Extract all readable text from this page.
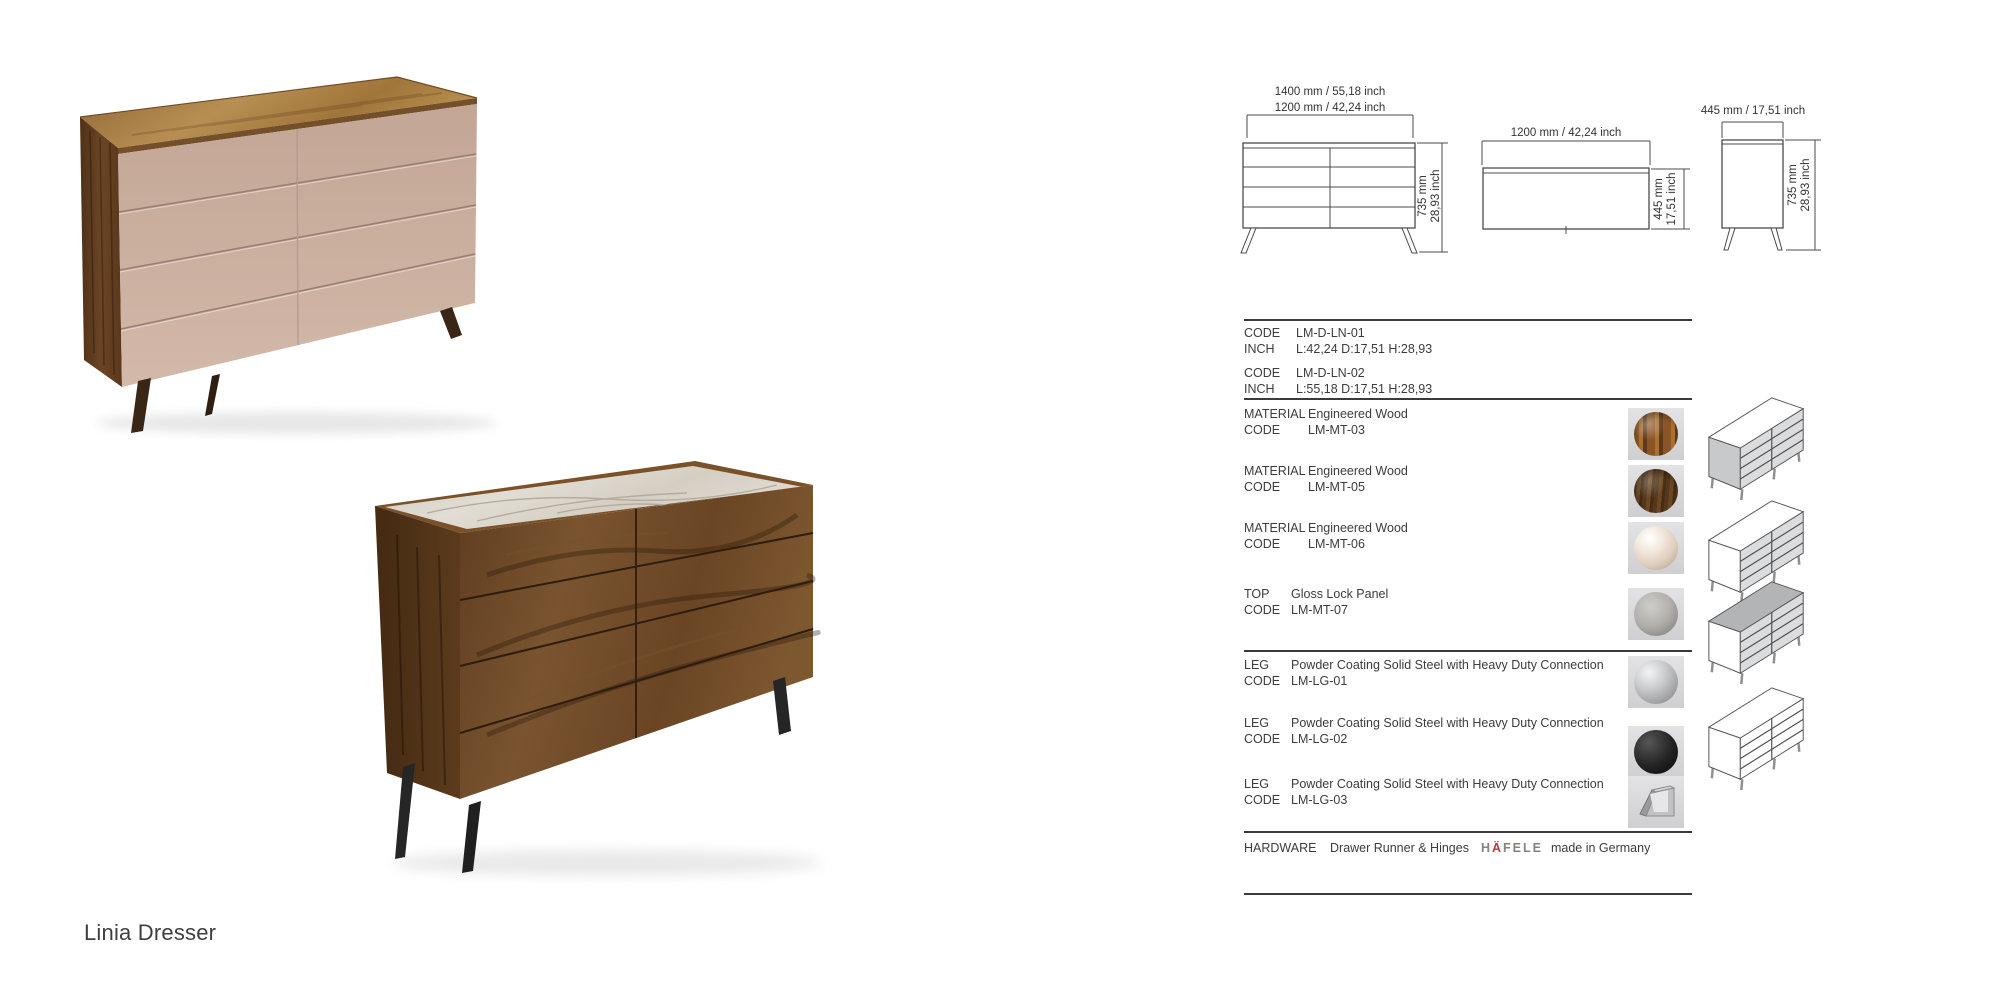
Linia Dresser
1400 mm / 55,18 inch
1200 mm / 42,24 inch
735 mm 28,93 inch
1200 mm / 42,24 inch
445 mm 17,51 inch
445 mm / 17,51 inch
735 mm 28,93 inch
CODE LM-D-LN-01
INCH L:42,24 D:17,51 H:28,93
CODE LM-D-LN-02
INCH L:55,18 D:17,51 H:28,93
MATERIAL Engineered Wood
CODE LM-MT-03
MATERIAL Engineered Wood
CODE LM-MT-05
MATERIAL Engineered Wood
CODE LM-MT-06
TOP Gloss Lock Panel
CODE LM-MT-07
LEG Powder Coating Solid Steel with Heavy Duty Connection
CODE LM-LG-01
LEG Powder Coating Solid Steel with Heavy Duty Connection
CODE LM-LG-02
LEG Powder Coating Solid Steel with Heavy Duty Connection
CODE LM-LG-03
HARDWARE Drawer Runner & Hinges HÄFELE made in Germany
